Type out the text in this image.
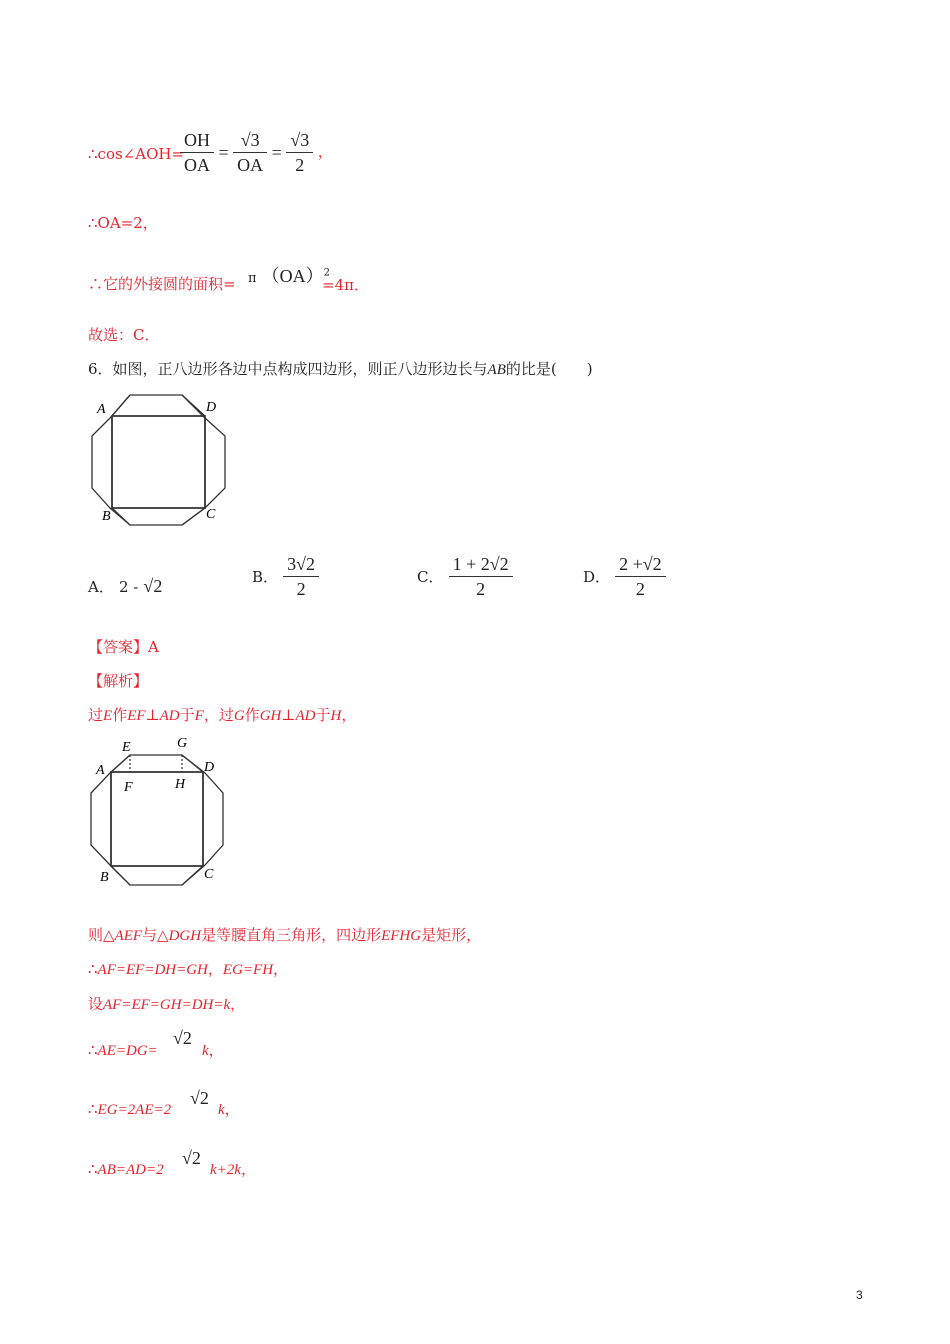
∴cos∠AOH=
$\frac{OH}{OA} = \frac{√3}{OA} = \frac{√3}{2}$ ，
∴OA=2，
∴它的外接圆的面积= π （OA）$^2$
=4π．
故选：C．
6．如图，正八边形各边中点构成四边形，则正八边形边长与AB的比是(　　)
A	D
B	C
A． 2 - √2	B． $\frac{3√2}{2}$	C． $\frac{1 + 2√2}{2}$	D． $\frac{2 +√2}{2}$
【答案】A
【解析】
过E作EF⊥AD于F，过G作GH⊥AD于H，
E	G
A	D
F	H
B	C
则△AEF与△DGH是等腰直角三角形，四边形EFHG是矩形，
∴AF=EF=DH=GH，EG=FH，
设AF=EF=GH=DH=k，
∴AE=DG=
√2
k，
∴EG=2AE=2
√2
k，
∴AB=AD=2
√2
k+2k，
3
